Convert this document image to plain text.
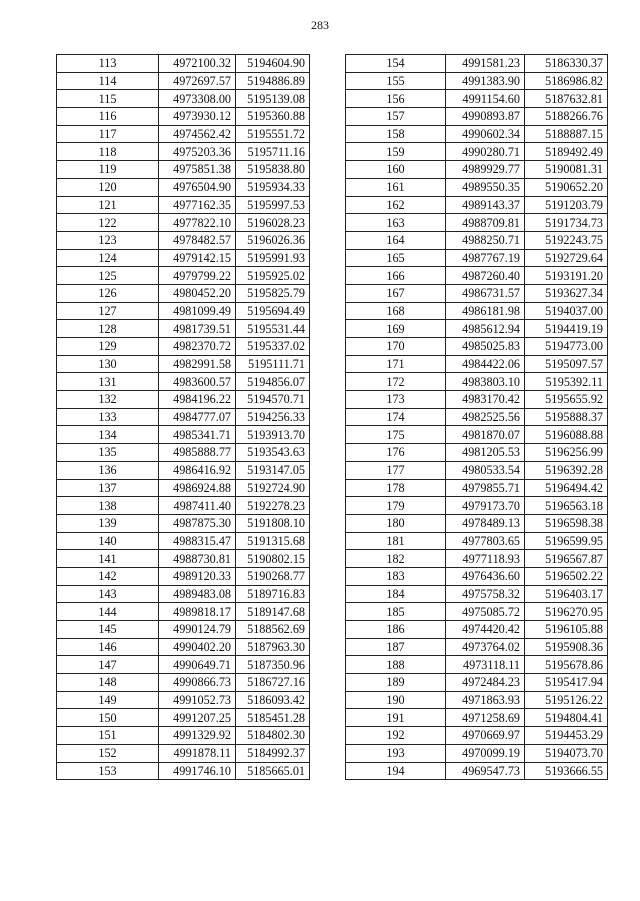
283
113	4972100.32	5194604.90
114	4972697.57	5194886.89
115	4973308.00	5195139.08
116	4973930.12	5195360.88
117	4974562.42	5195551.72
118	4975203.36	5195711.16
119	4975851.38	5195838.80
120	4976504.90	5195934.33
121	4977162.35	5195997.53
122	4977822.10	5196028.23
123	4978482.57	5196026.36
124	4979142.15	5195991.93
125	4979799.22	5195925.02
126	4980452.20	5195825.79
127	4981099.49	5195694.49
128	4981739.51	5195531.44
129	4982370.72	5195337.02
130	4982991.58	5195111.71
131	4983600.57	5194856.07
132	4984196.22	5194570.71
133	4984777.07	5194256.33
134	4985341.71	5193913.70
135	4985888.77	5193543.63
136	4986416.92	5193147.05
137	4986924.88	5192724.90
138	4987411.40	5192278.23
139	4987875.30	5191808.10
140	4988315.47	5191315.68
141	4988730.81	5190802.15
142	4989120.33	5190268.77
143	4989483.08	5189716.83
144	4989818.17	5189147.68
145	4990124.79	5188562.69
146	4990402.20	5187963.30
147	4990649.71	5187350.96
148	4990866.73	5186727.16
149	4991052.73	5186093.42
150	4991207.25	5185451.28
151	4991329.92	5184802.30
152	4991878.11	5184992.37
153	4991746.10	5185665.01
154	4991581.23	5186330.37
155	4991383.90	5186986.82
156	4991154.60	5187632.81
157	4990893.87	5188266.76
158	4990602.34	5188887.15
159	4990280.71	5189492.49
160	4989929.77	5190081.31
161	4989550.35	5190652.20
162	4989143.37	5191203.79
163	4988709.81	5191734.73
164	4988250.71	5192243.75
165	4987767.19	5192729.64
166	4987260.40	5193191.20
167	4986731.57	5193627.34
168	4986181.98	5194037.00
169	4985612.94	5194419.19
170	4985025.83	5194773.00
171	4984422.06	5195097.57
172	4983803.10	5195392.11
173	4983170.42	5195655.92
174	4982525.56	5195888.37
175	4981870.07	5196088.88
176	4981205.53	5196256.99
177	4980533.54	5196392.28
178	4979855.71	5196494.42
179	4979173.70	5196563.18
180	4978489.13	5196598.38
181	4977803.65	5196599.95
182	4977118.93	5196567.87
183	4976436.60	5196502.22
184	4975758.32	5196403.17
185	4975085.72	5196270.95
186	4974420.42	5196105.88
187	4973764.02	5195908.36
188	4973118.11	5195678.86
189	4972484.23	5195417.94
190	4971863.93	5195126.22
191	4971258.69	5194804.41
192	4970669.97	5194453.29
193	4970099.19	5194073.70
194	4969547.73	5193666.55
